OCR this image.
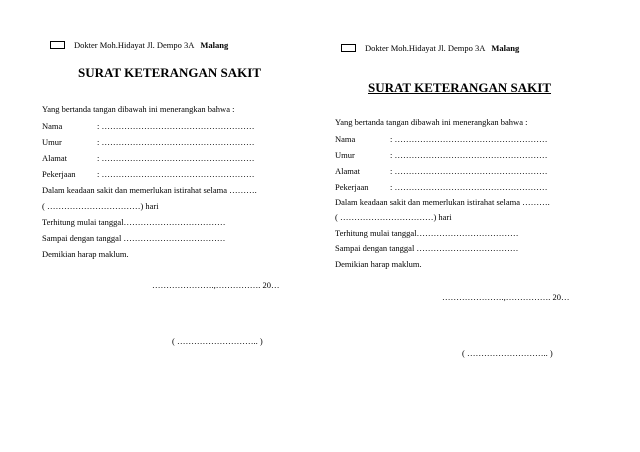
Dokter Moh.Hidayat Jl. Dempo 3A Malang
SURAT KETERANGAN SAKIT
Yang bertanda tangan dibawah ini menerangkan bahwa :
Nama	: ………………………………………………
Umur	: ………………………………………………
Alamat	: ………………………………………………
Pekerjaan	: ………………………………………………
Dalam keadaan sakit dan memerlukan istirahat selama ……….
( ……………………………) hari
Terhitung mulai tanggal………………………………
Sampai dengan tanggal ………………………………
Demikian harap maklum.
………………….,……………. 20…
( ……………………….. )
Dokter Moh.Hidayat Jl. Dempo 3A Malang
SURAT KETERANGAN SAKIT
Yang bertanda tangan dibawah ini menerangkan bahwa :
Nama	: ………………………………………………
Umur	: ………………………………………………
Alamat	: ………………………………………………
Pekerjaan	: ………………………………………………
Dalam keadaan sakit dan memerlukan istirahat selama ……….
( ……………………………) hari
Terhitung mulai tanggal………………………………
Sampai dengan tanggal ………………………………
Demikian harap maklum.
………………….,……………. 20…
( ……………………….. )
